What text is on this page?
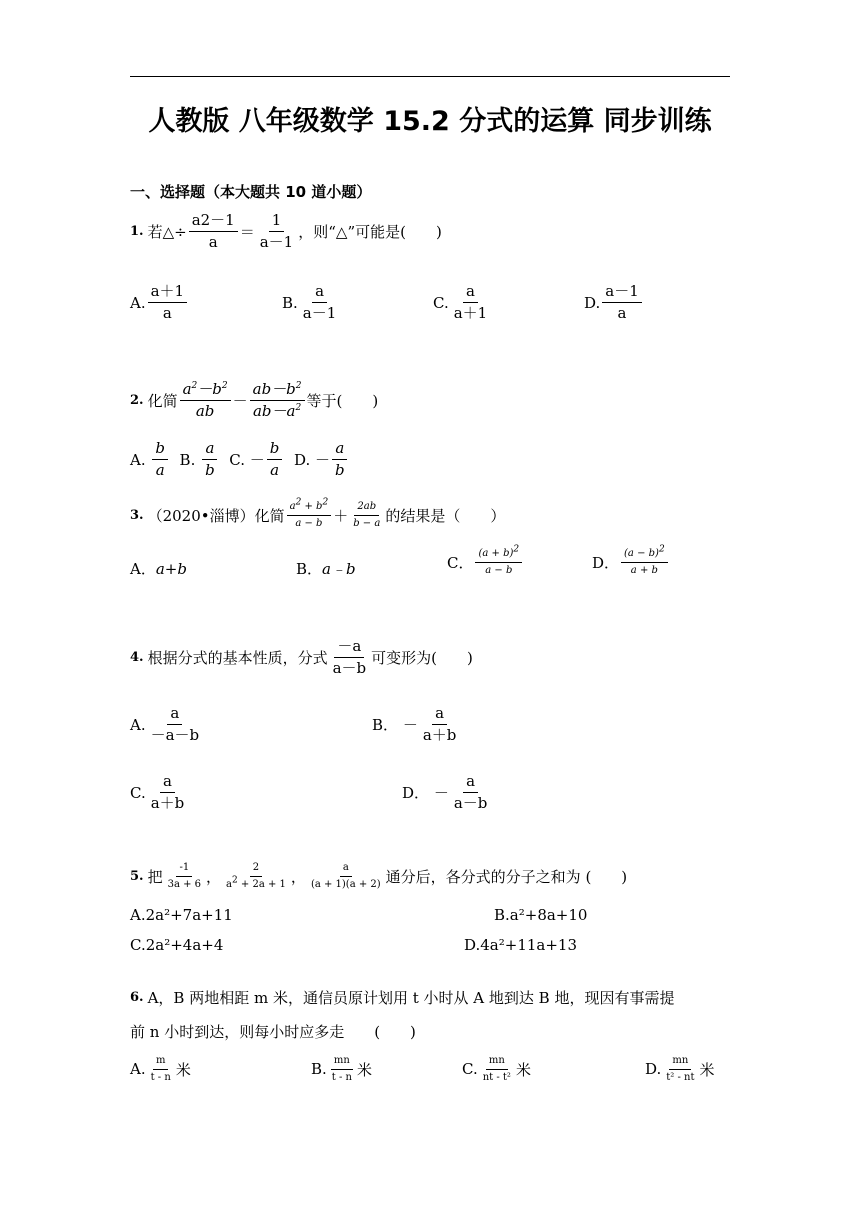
人教版 八年级数学 15.2 分式的运算 同步训练
一、选择题（本大题共 10 道小题）
1. 若△÷ $\frac{a2-1}{a} = \frac{1}{a-1}$ ，则“△”可能是(　　)
A. $\frac{a+1}{a}$	B. $\frac{a}{a-1}$	C. $\frac{a}{a+1}$	D. $\frac{a-1}{a}$
2. 化简 $\frac{a^2-b^2}{ab} - \frac{ab-b^2}{ab-a^2}$ 等于(　　)
A.
$\frac{b}{a}$
B.
$\frac{a}{b}$
C.
－ $\frac{b}{a}$
D.
－ $\frac{a}{b}$
3. （2020•淄博）化简 $\frac{a^2 + b^2}{a - b} + \frac{2ab}{b - a}$ 的结果是（　　）
A． a+b	B． a﹣b	C． $\frac{(a + b)^2}{a - b}$	D． $\frac{(a - b)^2}{a + b}$
4. 根据分式的基本性质，分式 $\frac{-a}{a-b}$ 可变形为(　　)
A. $\frac{a}{-a-b}$	B．
－ $\frac{a}{a+b}$
C. $\frac{a}{a+b}$	D．
－ $\frac{a}{a-b}$
5. 把 $\frac{-1}{3a + 6}$ ， $\frac{2}{a^2 + 2a + 1}$ ， $\frac{a}{(a + 1)(a + 2)}$ 通分后，各分式的分子之和为 (　　)
A.2a²+7a+11	B.a²+8a+10
C.2a²+4a+4	D.4a²+11a+13
6. A，B 两地相距 m 米，通信员原计划用 t 小时从 A 地到达 B 地，现因有事需提
前 n 小时到达，则每小时应多走　　(　　)
A. $\frac{m}{t - n}$ 米	B. $\frac{mn}{t - n}$ 米	C. $\frac{mn}{\text{nt - t²}}$ 米	D. $\frac{mn}{\text{t² - nt}}$ 米
